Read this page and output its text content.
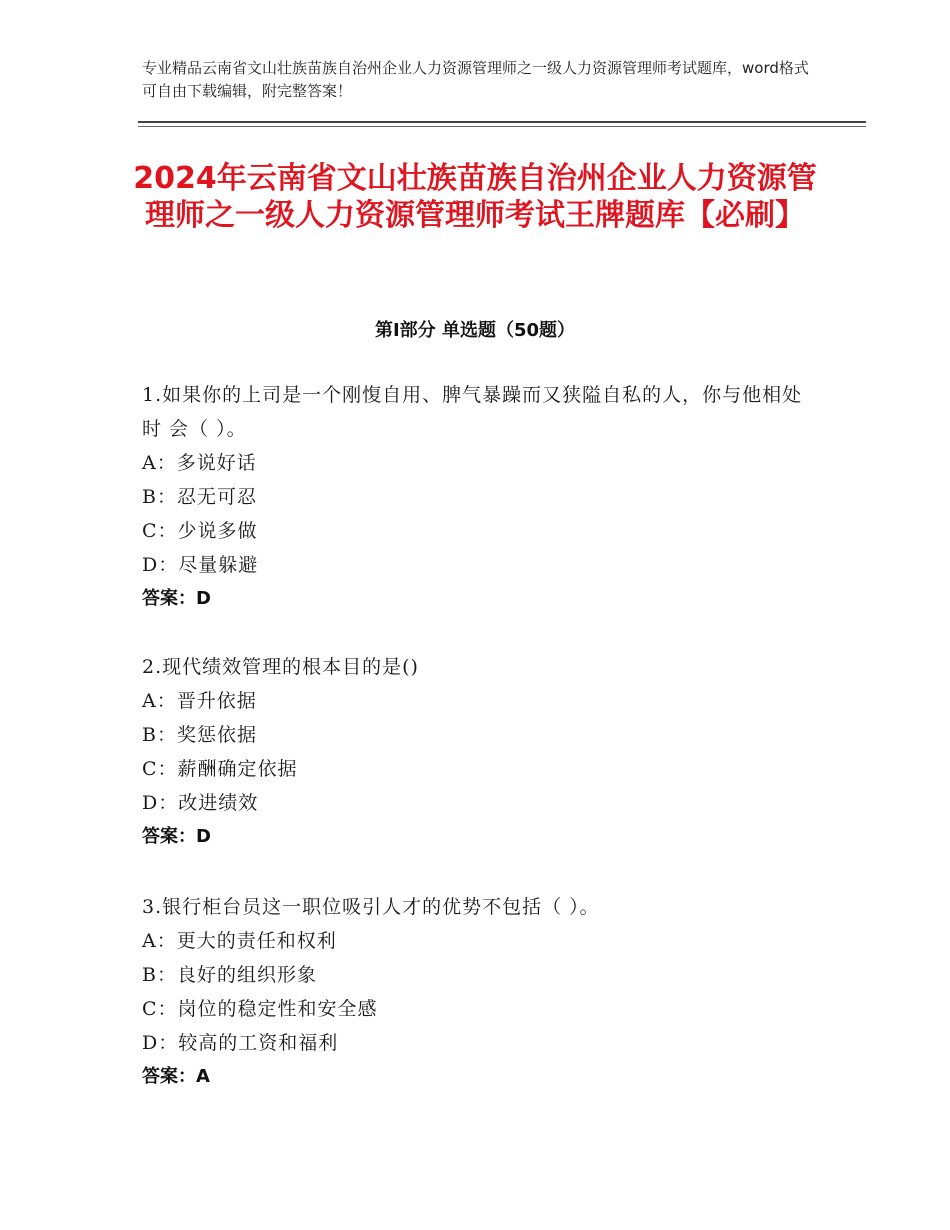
专业精品云南省文山壮族苗族自治州企业人力资源管理师之一级人力资源管理师考试题库，word格式可自由下载编辑，附完整答案！
2024年云南省文山壮族苗族自治州企业人力资源管理师之一级人力资源管理师考试王牌题库【必刷】
第Ⅰ部分 单选题（50题）

1.如果你的上司是一个刚愎自用、脾气暴躁而又狭隘自私的人，你与他相处时 会（ ）。

A：多说好话

B：忍无可忍

C：少说多做

D：尽量躲避

答案：D

2.现代绩效管理的根本目的是()

A：晋升依据

B：奖惩依据

C：薪酬确定依据

D：改进绩效

答案：D

3.银行柜台员这一职位吸引人才的优势不包括（ ）。

A：更大的责任和权利

B：良好的组织形象

C：岗位的稳定性和安全感

D：较高的工资和福利

答案：A
